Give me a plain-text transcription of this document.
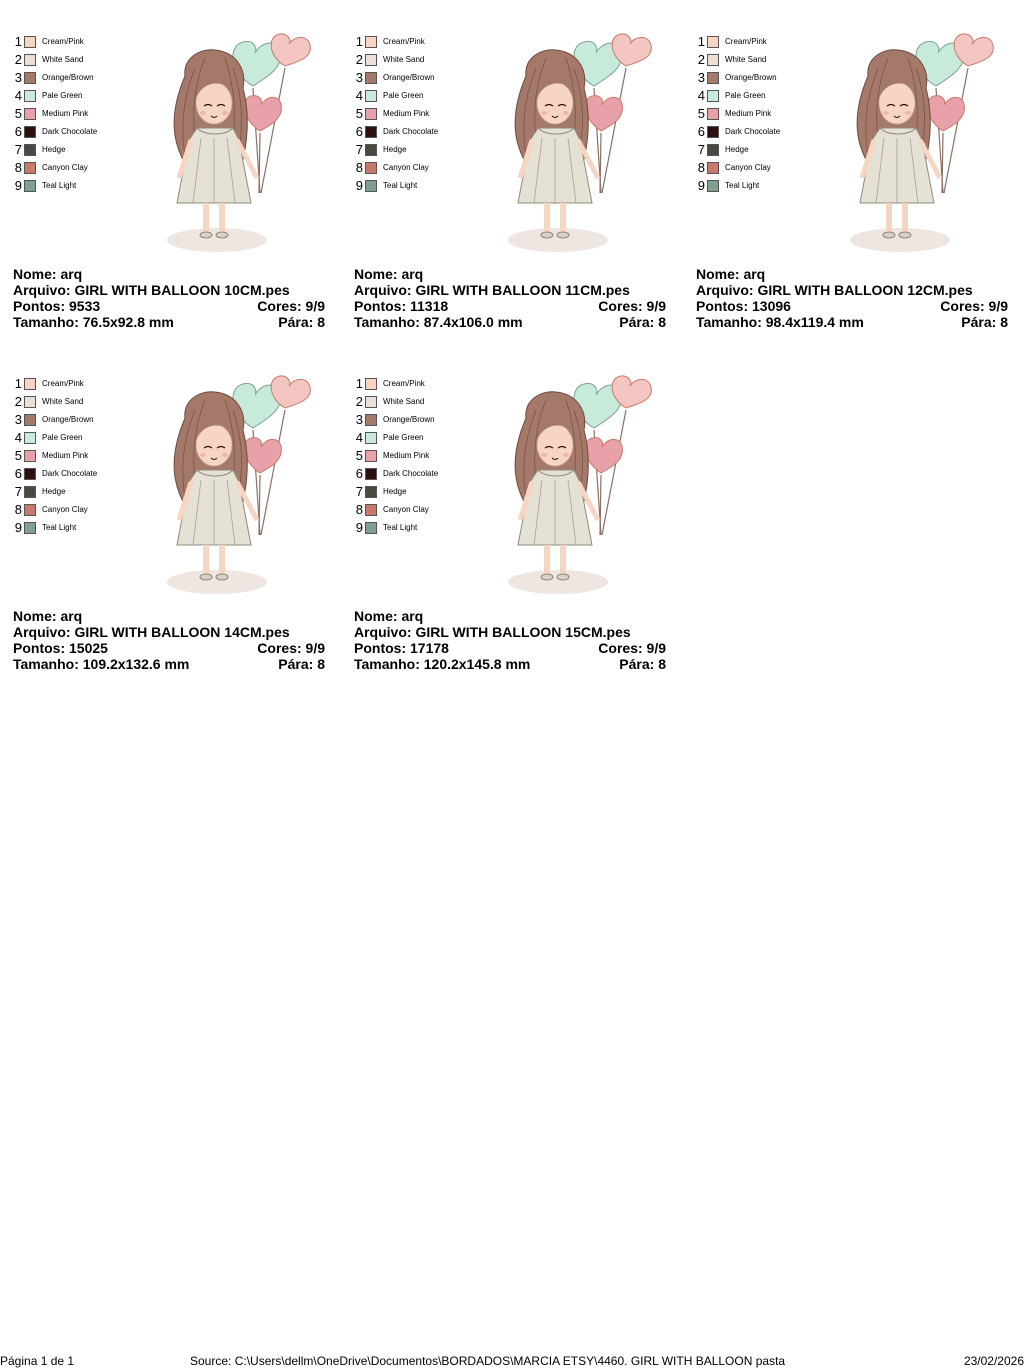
1	Cream/Pink
2	White Sand
3	Orange/Brown
4	Pale Green
5	Medium Pink
6	Dark Chocolate
7	Hedge
8	Canyon Clay
9	Teal Light
Nome: arq
Arquivo: GIRL WITH BALLOON 10CM.pes
Pontos: 9533	Cores: 9/9
Tamanho: 76.5x92.8 mm	Pára: 8
1	Cream/Pink
2	White Sand
3	Orange/Brown
4	Pale Green
5	Medium Pink
6	Dark Chocolate
7	Hedge
8	Canyon Clay
9	Teal Light
Nome: arq
Arquivo: GIRL WITH BALLOON 11CM.pes
Pontos: 11318	Cores: 9/9
Tamanho: 87.4x106.0 mm	Pára: 8
1	Cream/Pink
2	White Sand
3	Orange/Brown
4	Pale Green
5	Medium Pink
6	Dark Chocolate
7	Hedge
8	Canyon Clay
9	Teal Light
Nome: arq
Arquivo: GIRL WITH BALLOON 12CM.pes
Pontos: 13096	Cores: 9/9
Tamanho: 98.4x119.4 mm	Pára: 8
1	Cream/Pink
2	White Sand
3	Orange/Brown
4	Pale Green
5	Medium Pink
6	Dark Chocolate
7	Hedge
8	Canyon Clay
9	Teal Light
Nome: arq
Arquivo: GIRL WITH BALLOON 14CM.pes
Pontos: 15025	Cores: 9/9
Tamanho: 109.2x132.6 mm	Pára: 8
1	Cream/Pink
2	White Sand
3	Orange/Brown
4	Pale Green
5	Medium Pink
6	Dark Chocolate
7	Hedge
8	Canyon Clay
9	Teal Light
Nome: arq
Arquivo: GIRL WITH BALLOON 15CM.pes
Pontos: 17178	Cores: 9/9
Tamanho: 120.2x145.8 mm	Pára: 8
Página 1 de 1	Source: C:\Users\dellm\OneDrive\Documentos\BORDADOS\MARCIA ETSY\4460. GIRL WITH BALLOON pasta	23/02/2026
